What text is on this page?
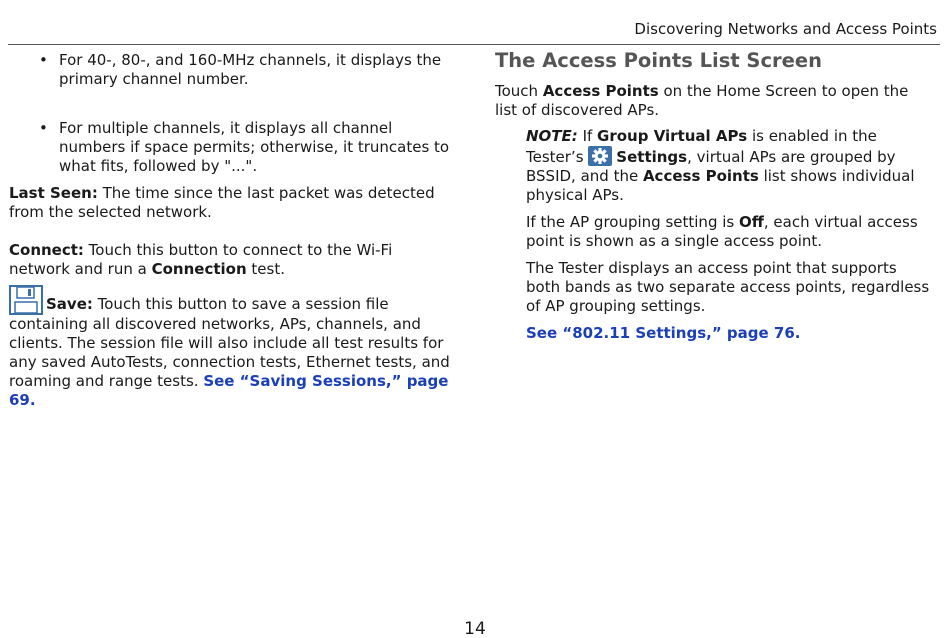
Discovering Networks and Access Points
• For 40-, 80-, and 160-MHz channels, it displays the primary channel number.
• For multiple channels, it displays all channel numbers if space permits; otherwise, it truncates to what fits, followed by "...".

Last Seen: The time since the last packet was detected from the selected network.

Connect: Touch this button to connect to the Wi-Fi network and run a Connection test.

Save: Touch this button to save a session file containing all discovered networks, APs, channels, and clients. The session file will also include all test results for any saved AutoTests, connection tests, Ethernet tests, and roaming and range tests. See “Saving Sessions,” page 69.

The Access Points List Screen

Touch Access Points on the Home Screen to open the list of discovered APs.

NOTE: If Group Virtual APs is enabled in the Tester’s Settings, virtual APs are grouped by BSSID, and the Access Points list shows individual physical APs.

If the AP grouping setting is Off, each virtual access point is shown as a single access point.

The Tester displays an access point that supports both bands as two separate access points, regardless of AP grouping settings.

See “802.11 Settings,” page 76.

14
